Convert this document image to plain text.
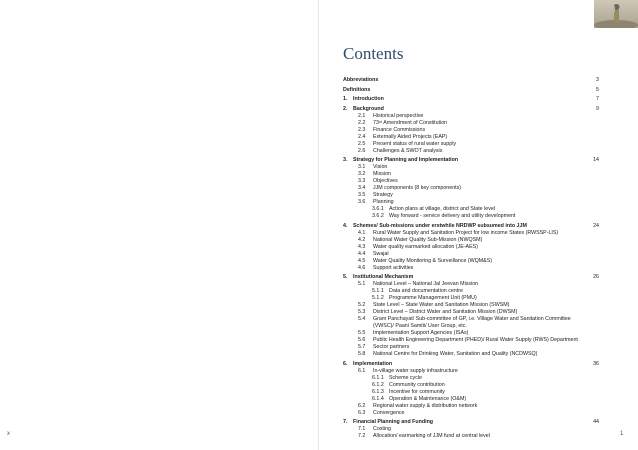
x	1
Contents
Abbreviations	3
Definitions	5
1. Introduction	7
2. Background	9
2.1 Historical perspective
2.2 73rd Amendment of Constitution
2.3 Finance Commissions
2.4 Externally Aided Projects (EAP)
2.5 Present status of rural water supply
2.6 Challenges & SWOT analysis
3. Strategy for Planning and Implementation	14
3.1 Vision
3.2 Mission
3.3 Objectives
3.4 JJM components (8 key components)
3.5 Strategy
3.6 Planning
3.6.1 Action plans at village, district and State level
3.6.2 Way forward - service delivery and utility development
4. Schemes/ Sub-missions under erstwhile NRDWP subsumed into JJM	24
4.1 Rural Water Supply and Sanitation Project for low income States (RWSSP-LIS)
4.2 National Water Quality Sub-Mission (NWQSM)
4.3 Water quality earmarked allocation (JE-AES)
4.4 Swajal
4.5 Water Quality Monitoring & Surveillance (WQM&S)
4.6 Support activities
5. Institutional Mechanism	26
5.1 National Level – National Jal Jeevan Mission
5.1.1 Data and documentation centre
5.1.2 Programme Management Unit (PMU)
5.2 State Level – State Water and Sanitation Mission (SWSM)
5.3 District Level – District Water and Sanitation Mission (DWSM)
5.4 Gram Panchayat/ Sub-committee of GP, i.e. Village Water and Sanitation Committee
(VWSC)/ Paani Samiti/ User Group, etc.
5.5 Implementation Support Agencies (ISAs)
5.6 Public Health Engineering Department (PHED)/ Rural Water Supply (RWS) Department
5.7 Sector partners
5.8 National Centre for Drinking Water, Sanitation and Quality (NCDWSQ)
6. Implementation	36
6.1 In-village water supply infrastructure
6.1.1 Scheme cycle
6.1.2 Community contribution
6.1.3 Incentive for community
6.1.4 Operation & Maintenance (O&M)
6.2 Regional water supply & distribution network
6.3 Convergence
7. Financial Planning and Funding	44
7.1 Costing
7.2 Allocation/ earmarking of JJM fund at central level
